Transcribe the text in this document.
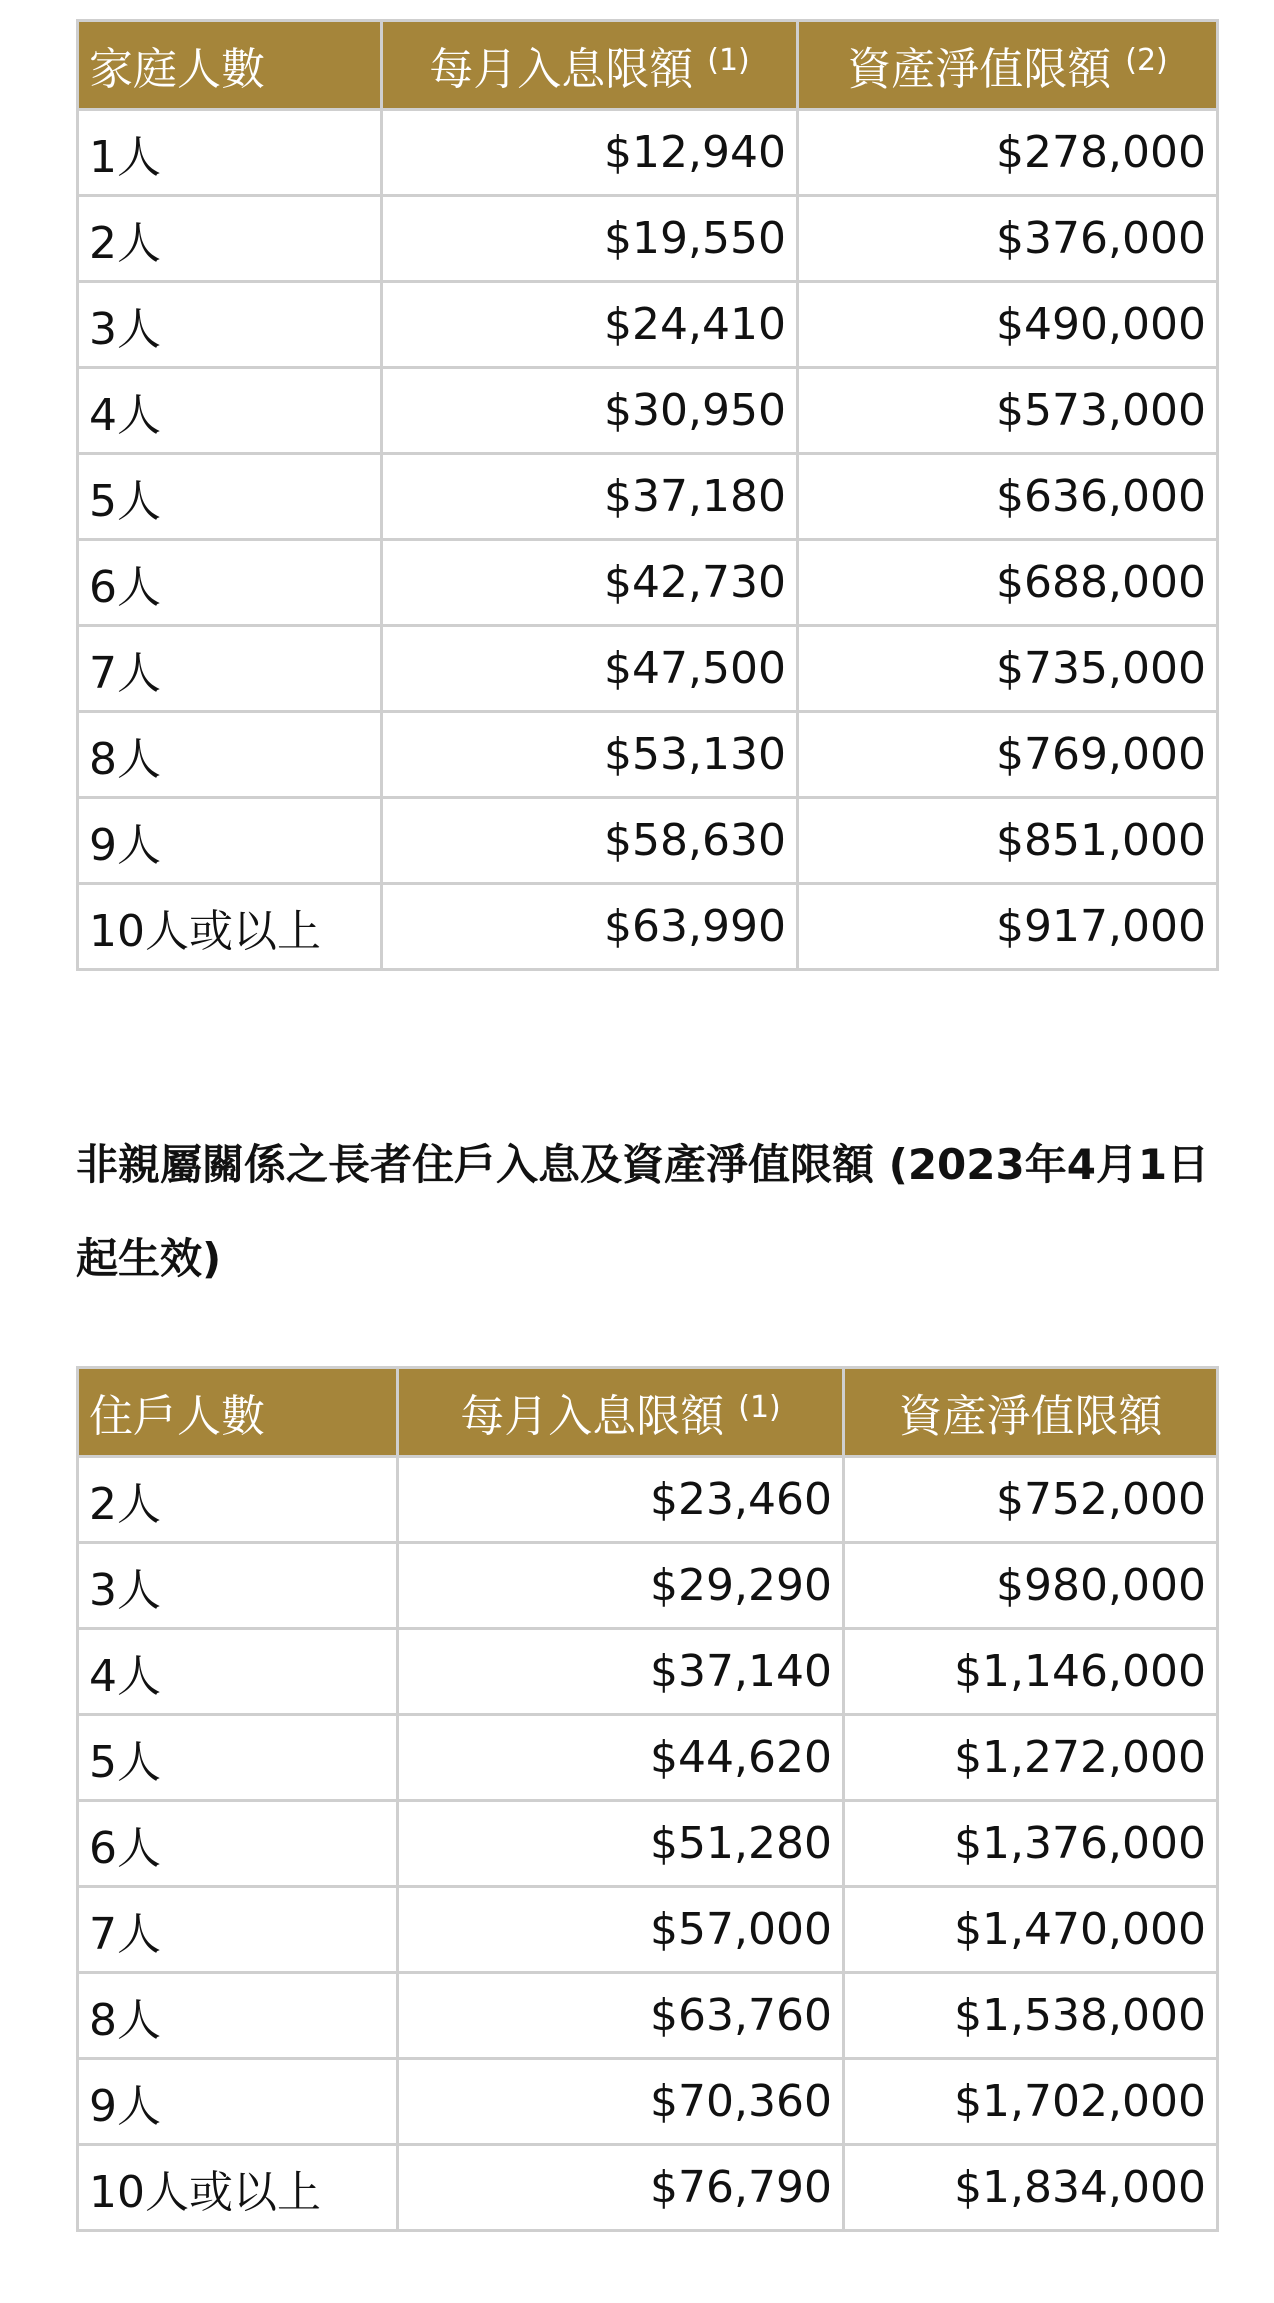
家庭人數	每月入息限額 $^{(1)}$	資產淨值限額 $^{(2)}$
1人	$12,940	$278,000
2人	$19,550	$376,000
3人	$24,410	$490,000
4人	$30,950	$573,000
5人	$37,180	$636,000
6人	$42,730	$688,000
7人	$47,500	$735,000
8人	$53,130	$769,000
9人	$58,630	$851,000
10人或以上	$63,990	$917,000
非親屬關係之長者住戶入息及資產淨值限額 (2023年4月1日起生效)
住戶人數	每月入息限額 $^{(1)}$	資產淨值限額
2人	$23,460	$752,000
3人	$29,290	$980,000
4人	$37,140	$1,146,000
5人	$44,620	$1,272,000
6人	$51,280	$1,376,000
7人	$57,000	$1,470,000
8人	$63,760	$1,538,000
9人	$70,360	$1,702,000
10人或以上	$76,790	$1,834,000
